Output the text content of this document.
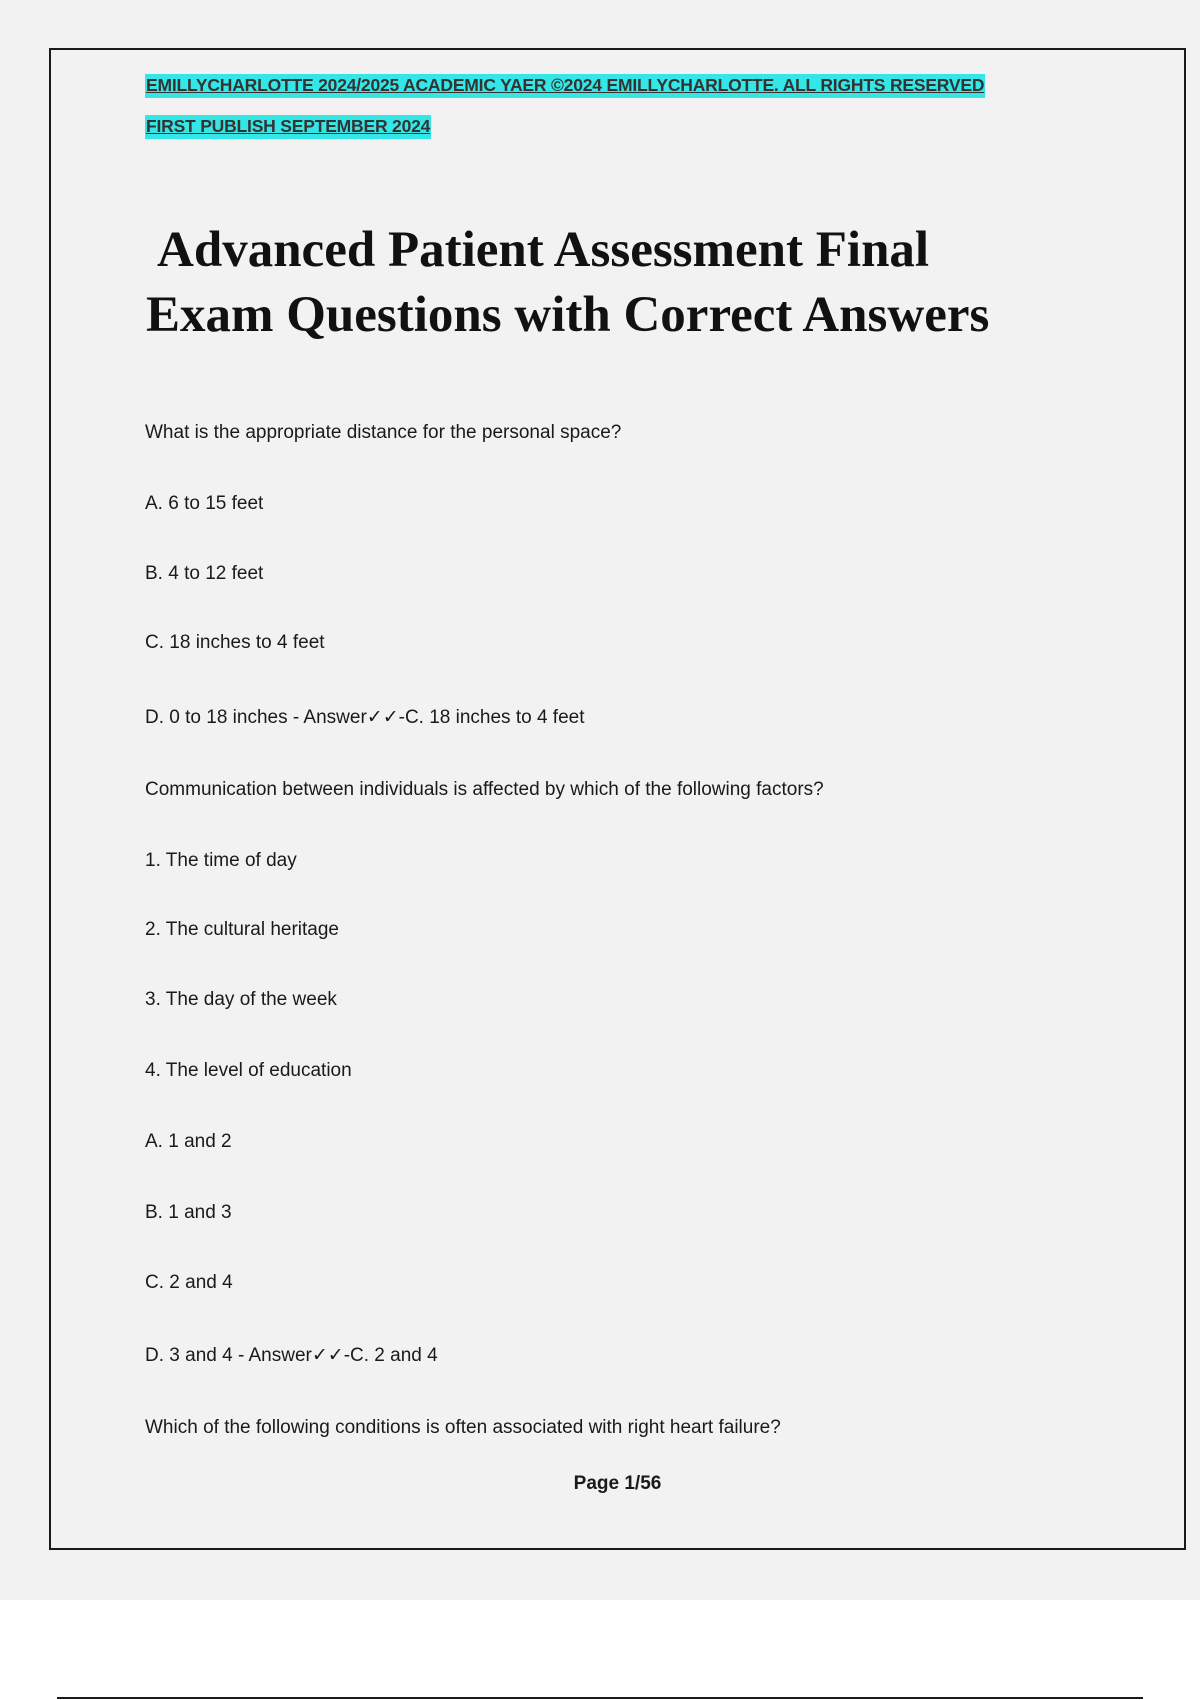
EMILLYCHARLOTTE 2024/2025 ACADEMIC YAER ©2024 EMILLYCHARLOTTE. ALL RIGHTS RESERVED
FIRST PUBLISH SEPTEMBER 2024
Advanced Patient Assessment Final
Exam Questions with Correct Answers
What is the appropriate distance for the personal space?
A. 6 to 15 feet
B. 4 to 12 feet
C. 18 inches to 4 feet
D. 0 to 18 inches - Answer✓✓-C. 18 inches to 4 feet
Communication between individuals is affected by which of the following factors?
1. The time of day
2. The cultural heritage
3. The day of the week
4. The level of education
A. 1 and 2
B. 1 and 3
C. 2 and 4
D. 3 and 4 - Answer✓✓-C. 2 and 4
Which of the following conditions is often associated with right heart failure?
Page 1/56
